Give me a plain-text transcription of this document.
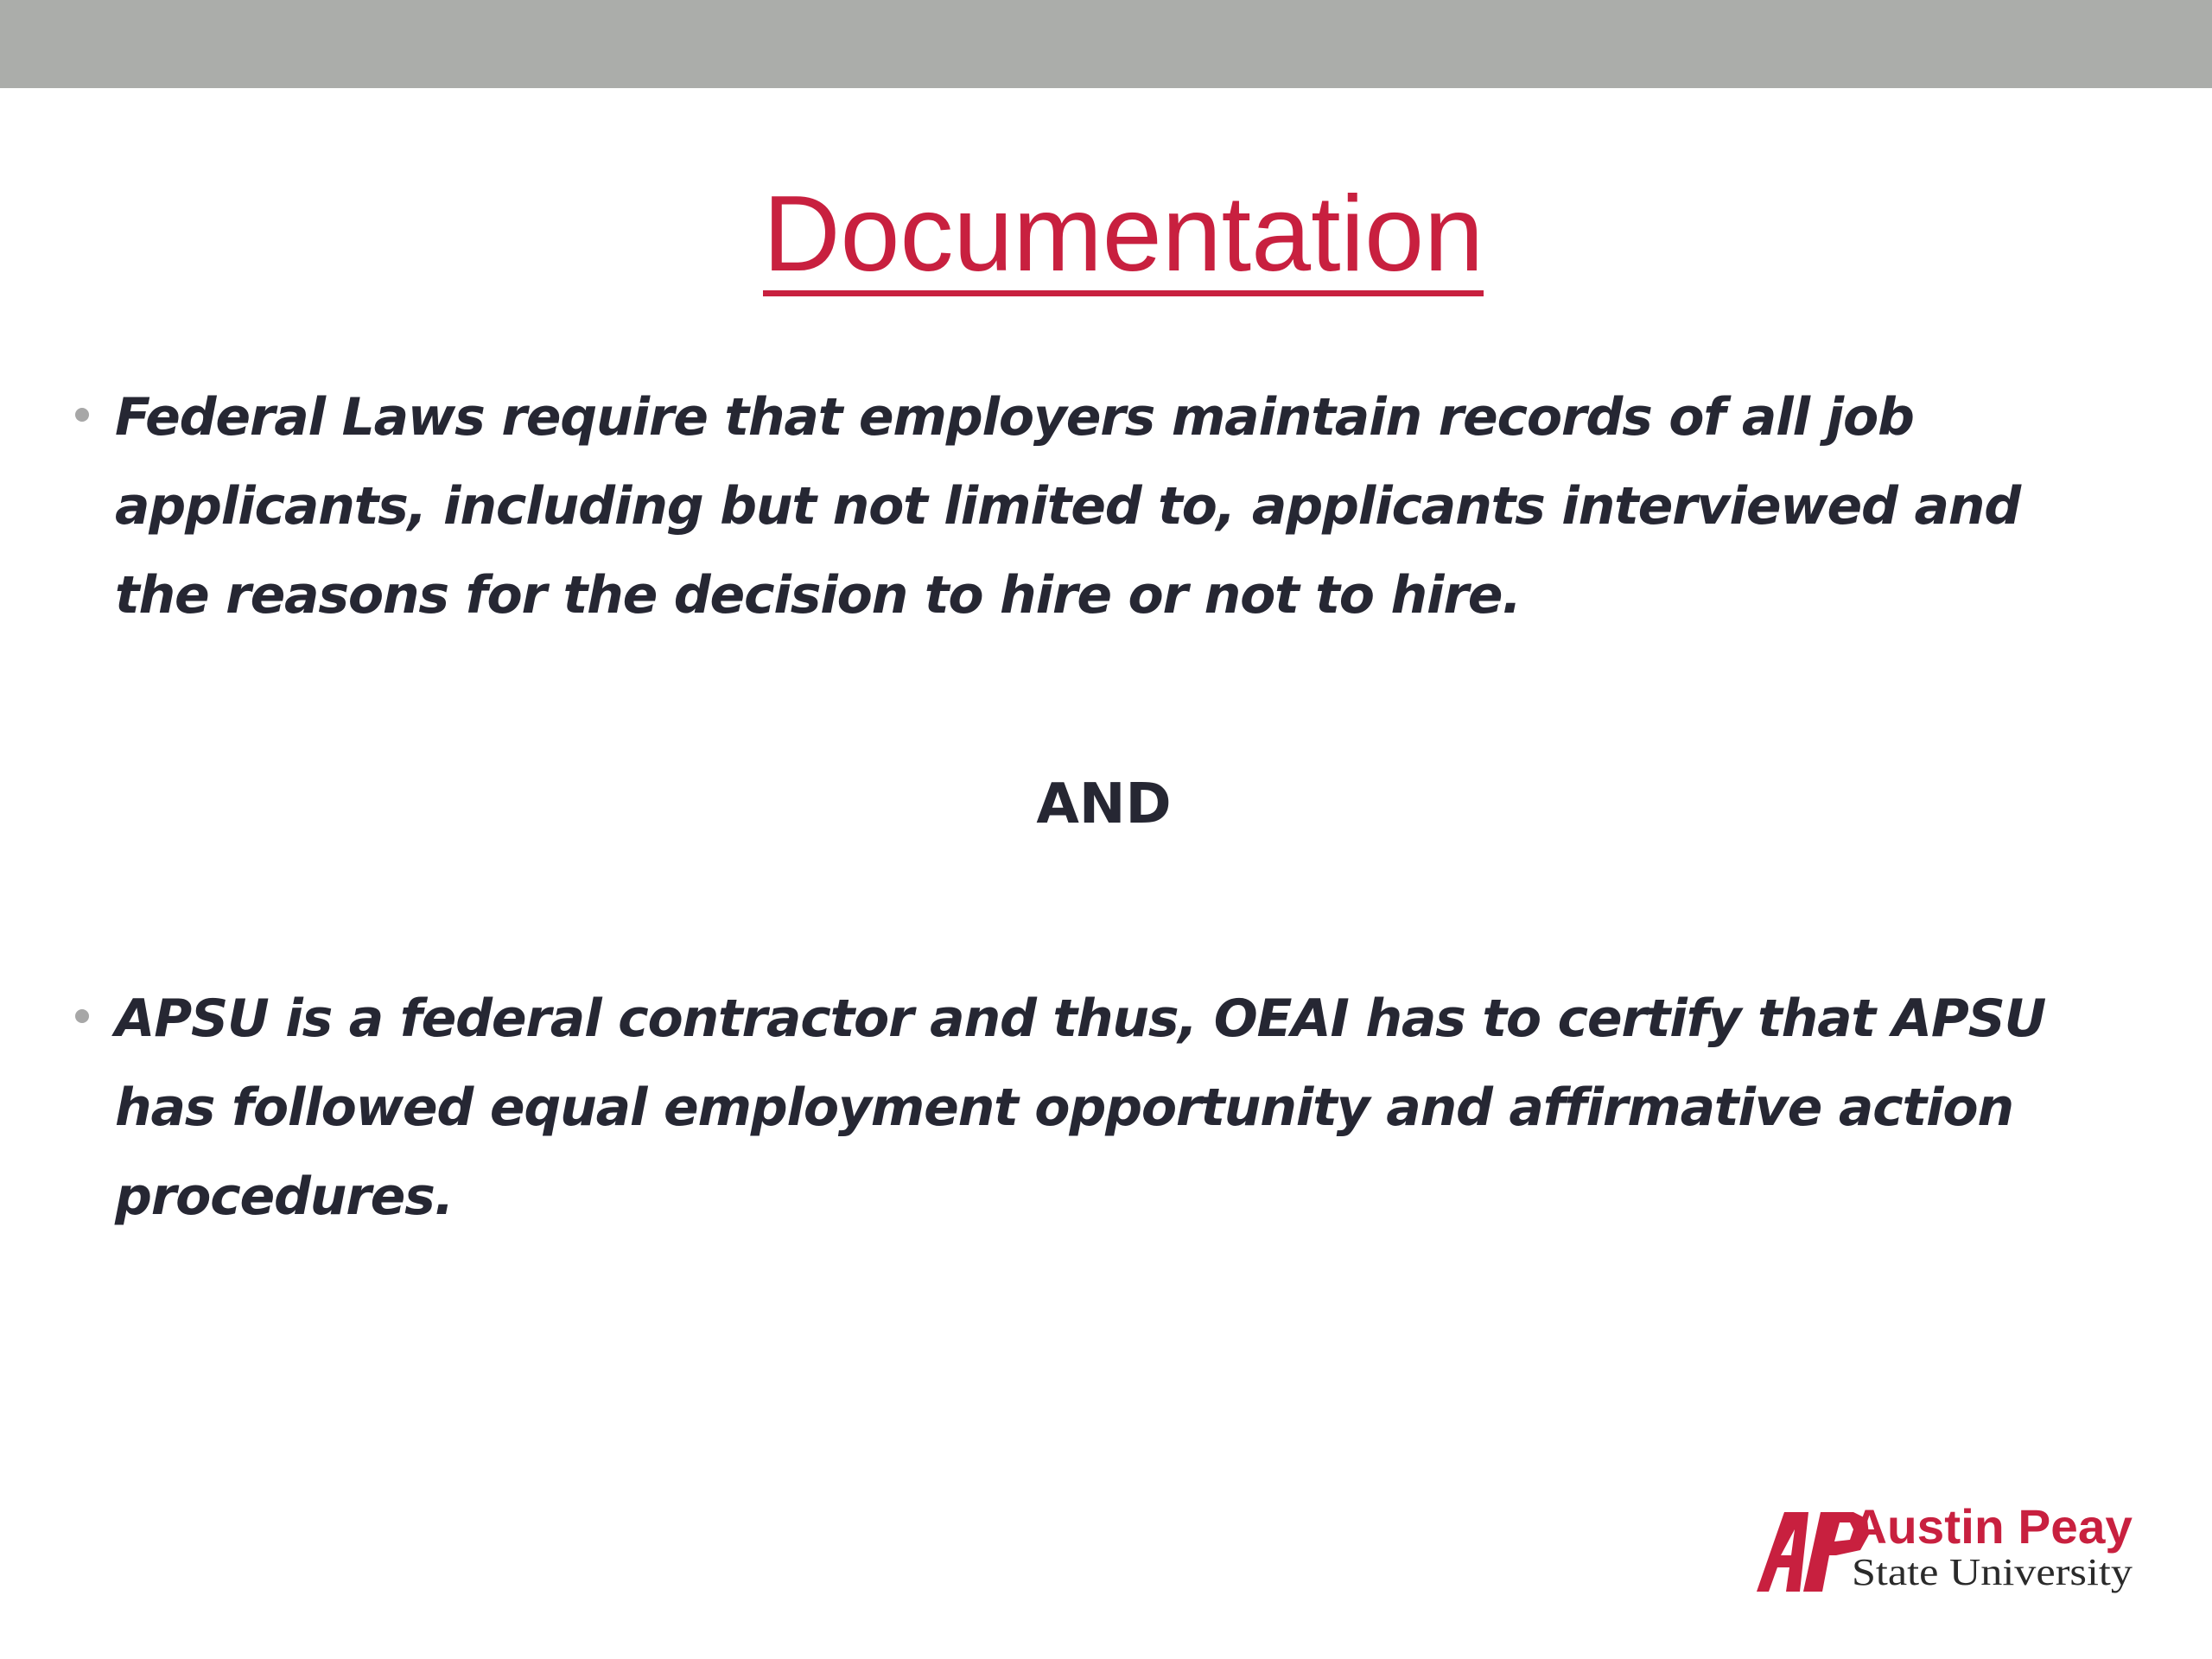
Documentation
Federal Laws require that employers maintain records of all job applicants, including but not limited to, applicants interviewed and the reasons for the decision to hire or not to hire.
AND
APSU is a federal contractor and thus, OEAI has to certify that APSU has followed equal employment opportunity and affirmative action procedures.
Austin Peay
State University
